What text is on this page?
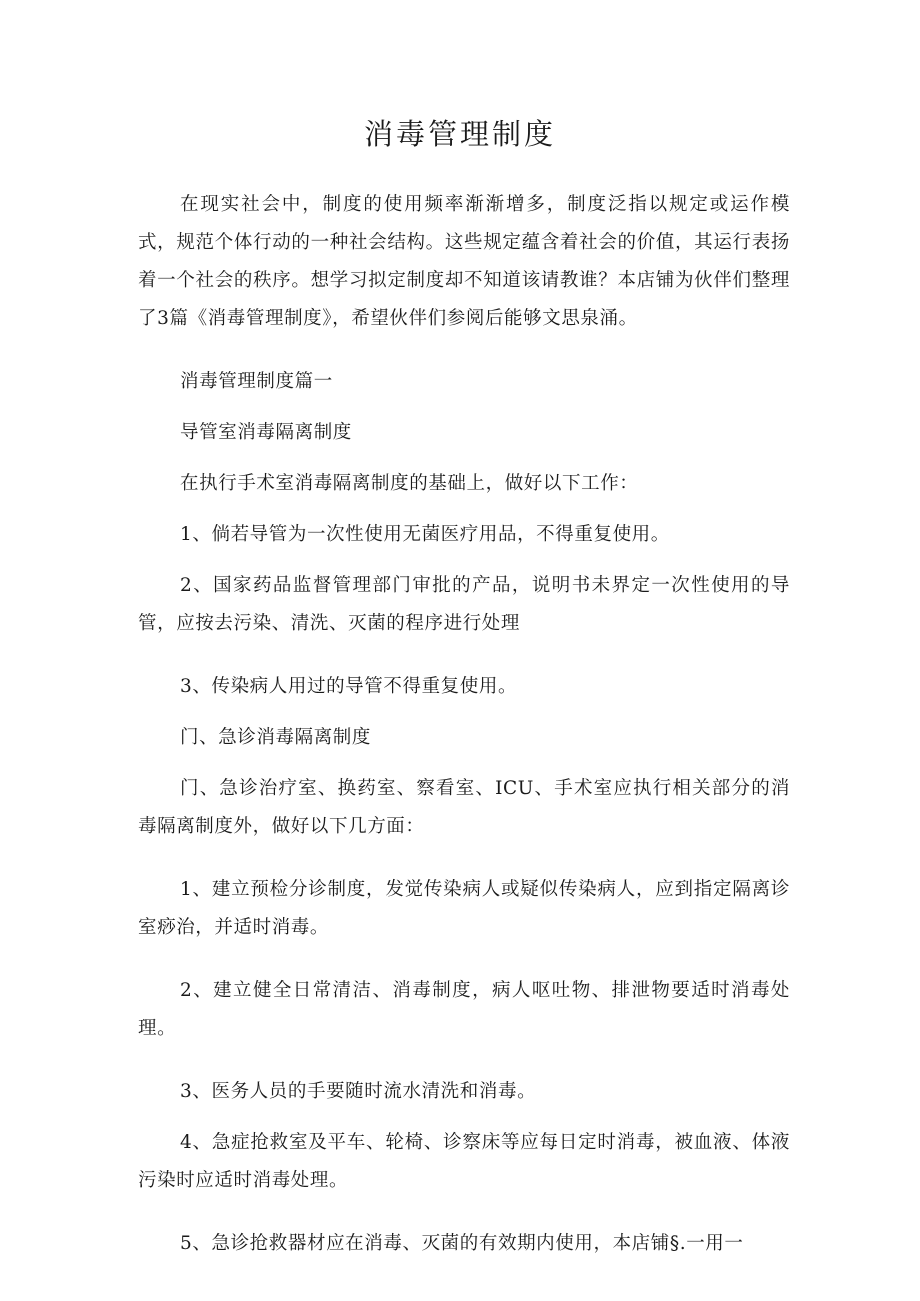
消毒管理制度

在现实社会中，制度的使用频率渐渐增多，制度泛指以规定或运作模式，规范个体行动的一种社会结构。这些规定蕴含着社会的价值，其运行表扬着一个社会的秩序。想学习拟定制度却不知道该请教谁？本店铺为伙伴们整理了3篇《消毒管理制度》，希望伙伴们参阅后能够文思泉涌。

消毒管理制度篇一

导管室消毒隔离制度

在执行手术室消毒隔离制度的基础上，做好以下工作：

1、倘若导管为一次性使用无菌医疗用品，不得重复使用。

2、国家药品监督管理部门审批的产品，说明书未界定一次性使用的导管，应按去污染、清洗、灭菌的程序进行处理

3、传染病人用过的导管不得重复使用。

门、急诊消毒隔离制度

门、急诊治疗室、换药室、察看室、ICU、手术室应执行相关部分的消毒隔离制度外，做好以下几方面：

1、建立预检分诊制度，发觉传染病人或疑似传染病人，应到指定隔离诊室痧治，并适时消毒。

2、建立健全日常清洁、消毒制度，病人呕吐物、排泄物要适时消毒处理。

3、医务人员的手要随时流水清洗和消毒。

4、急症抢救室及平车、轮椅、诊察床等应每日定时消毒，被血液、体液污染时应适时消毒处理。

5、急诊抢救器材应在消毒、灭菌的有效期内使用，本店铺§.一用一
